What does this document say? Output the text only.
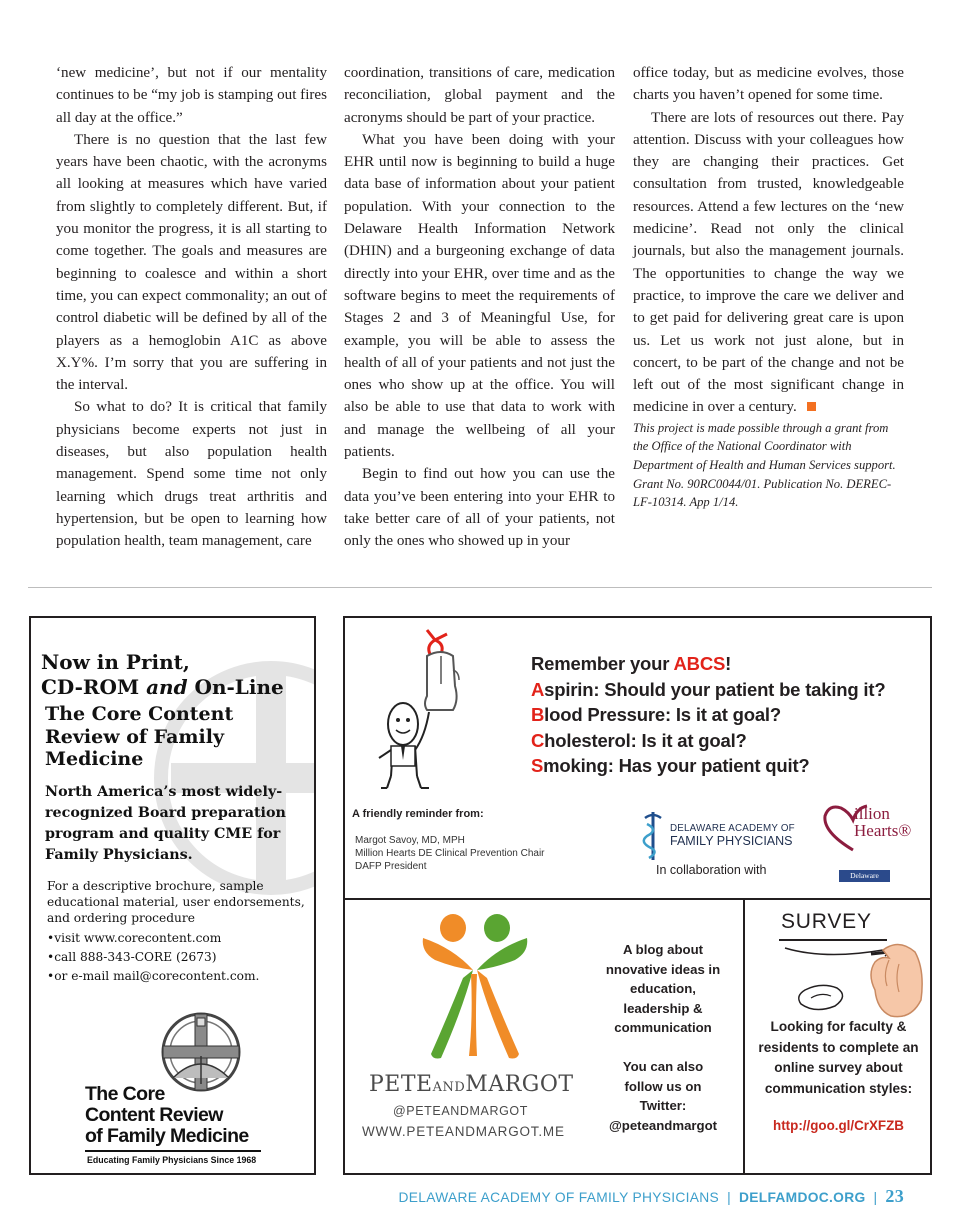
‘new medicine’, but not if our mentality continues to be “my job is stamping out fires all day at the office.”

There is no question that the last few years have been chaotic, with the acronyms all looking at measures which have varied from slightly to completely different. But, if you monitor the progress, it is all starting to come together. The goals and measures are beginning to coalesce and within a short time, you can expect commonality; an out of control diabetic will be defined by all of the players as a hemoglobin A1C as above X.Y%. I’m sorry that you are suffering in the interval.

So what to do? It is critical that family physicians become experts not just in diseases, but also population health management. Spend some time not only learning which drugs treat arthritis and hypertension, but be open to learning how population health, team management, care

coordination, transitions of care, medication reconciliation, global payment and the acronyms should be part of your practice.

What you have been doing with your EHR until now is beginning to build a huge data base of information about your patient population. With your connection to the Delaware Health Information Network (DHIN) and a burgeoning exchange of data directly into your EHR, over time and as the software begins to meet the requirements of Stages 2 and 3 of Meaningful Use, for example, you will be able to assess the health of all of your patients and not just the ones who show up at the office. You will also be able to use that data to work with and manage the wellbeing of all your patients.

Begin to find out how you can use the data you’ve been entering into your EHR to take better care of all of your patients, not only the ones who showed up in your

office today, but as medicine evolves, those charts you haven’t opened for some time.

There are lots of resources out there. Pay attention. Discuss with your colleagues how they are changing their practices. Get consultation from trusted, knowledgeable resources. Attend a few lectures on the ‘new medicine’. Read not only the clinical journals, but also the management journals. The opportunities to change the way we practice, to improve the care we deliver and to get paid for delivering great care is upon us. Let us work not just alone, but in concert, to be part of the change and not be left out of the most significant change in medicine in over a century.

This project is made possible through a grant from the Office of the National Coordinator with Department of Health and Human Services support. Grant No. 90RC0044/01. Publication No. DEREC-LF-10314. App 1/14.

Now in Print,
CD-ROM and On-Line
The Core Content Review of Family Medicine
North America’s most widely-recognized Board preparation program and quality CME for Family Physicians.
For a descriptive brochure, sample educational material, user endorsements, and ordering procedure
• visit www.corecontent.com
• call 888-343-CORE (2673)
• or e-mail mail@corecontent.com.
The Core
Content Review
of Family Medicine
Educating Family Physicians Since 1968
Remember your ABCS!
Aspirin: Should your patient be taking it?
Blood Pressure: Is it at goal?
Cholesterol: Is it at goal?
Smoking: Has your patient quit?
A friendly reminder from:
Margot Savoy, MD, MPH
Million Hearts DE Clinical Prevention Chair
DAFP President
DELAWARE ACADEMY OF
FAMILY PHYSICIANS
In collaboration with
illion
Hearts®
Delaware
PETEANDMARGOT
@PETEANDMARGOT
WWW.PETEANDMARGOT.ME
A blog about
nnovative ideas in
education,
leadership &
communication
You can also
follow us on
Twitter:
@peteandmargot
SURVEY
Looking for faculty &
residents to complete an
online survey about
communication styles:
http://goo.gl/CrXFZB
DELAWARE ACADEMY OF FAMILY PHYSICIANS | DELFAMDOC.ORG | 23
